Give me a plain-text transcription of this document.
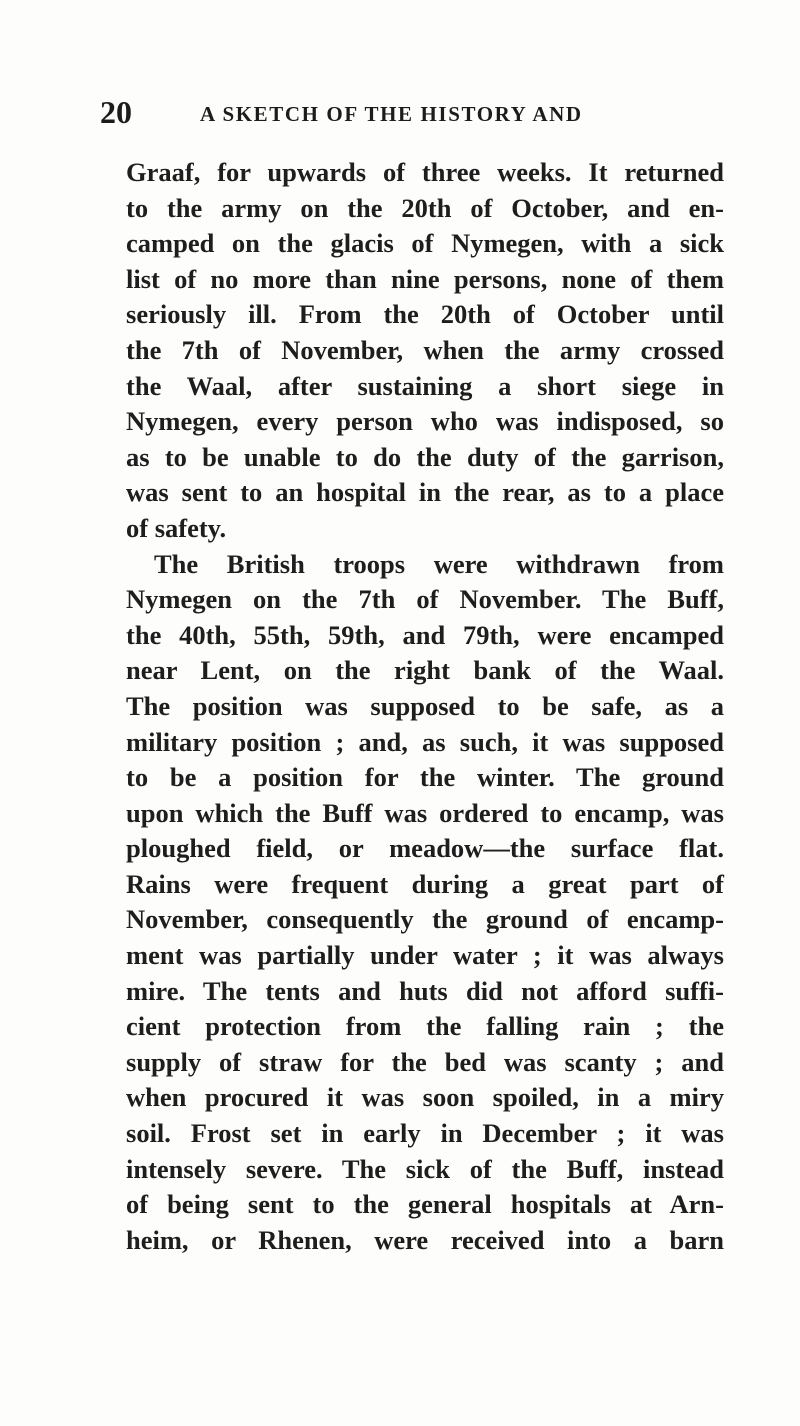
20	A SKETCH OF THE HISTORY AND
Graaf, for upwards of three weeks. It returned
to the army on the 20th of October, and en-
camped on the glacis of Nymegen, with a sick
list of no more than nine persons, none of them
seriously ill. From the 20th of October until
the 7th of November, when the army crossed
the Waal, after sustaining a short siege in
Nymegen, every person who was indisposed, so
as to be unable to do the duty of the garrison,
was sent to an hospital in the rear, as to a place
of safety.
The British troops were withdrawn from
Nymegen on the 7th of November. The Buff,
the 40th, 55th, 59th, and 79th, were encamped
near Lent, on the right bank of the Waal.
The position was supposed to be safe, as a
military position ; and, as such, it was supposed
to be a position for the winter. The ground
upon which the Buff was ordered to encamp, was
ploughed field, or meadow—the surface flat.
Rains were frequent during a great part of
November, consequently the ground of encamp-
ment was partially under water ; it was always
mire. The tents and huts did not afford suffi-
cient protection from the falling rain ; the
supply of straw for the bed was scanty ; and
when procured it was soon spoiled, in a miry
soil. Frost set in early in December ; it was
intensely severe. The sick of the Buff, instead
of being sent to the general hospitals at Arn-
heim, or Rhenen, were received into a barn
